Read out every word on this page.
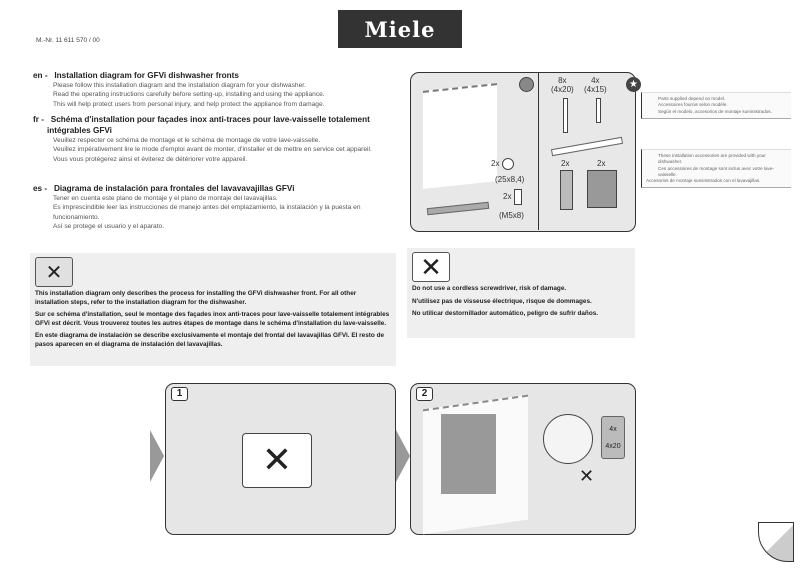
Miele
M.-Nr. 11 611 570 / 00
en - Installation diagram for GFVi dishwasher fronts
Please follow this installation diagram and the installation diagram for your dishwasher.
Read the operating instructions carefully before setting-up, installing and using the appliance.
This will help protect users from personal injury, and help protect the appliance from damage.
fr - Schéma d'installation pour façades inox anti-traces pour lave-vaisselle totalement intégrables GFVi
Veuillez respecter ce schéma de montage et le schéma de montage de votre lave-vaisselle.
Veuillez impérativement lire le mode d'emploi avant de monter, d'installer et de mettre en service cet appareil.
Vous vous protégerez ainsi et éviterez de détériorer votre appareil.
es - Diagrama de instalación para frontales del lavavavajillas GFVi
Tener en cuenta este plano de montaje y el plano de montaje del lavavajillas.
Es imprescindible leer las instrucciones de manejo antes del emplazamiento, la instalación y la puesta en funcionamiento.
Así se protege el usuario y el aparato.
2x
(25x8,4)
2x
(M5x8)
8x
(4x20)
4x
(4x15)	★
2x	2x
Parts supplied depend on model.
Accessoires fournis selon modèle.
Según el modelo, accesorios de montaje suministrados.
These installation accessories are provided with your dishwasher.
Ces accessoires de montage sont inclus avec votre lave-vaisselle.
Accesorios de montaje suministrados con el lavavajillas.
✕
This installation diagram only describes the process for installing the GFVi dishwasher front. For all other installation steps, refer to the installation diagram for the dishwasher.
Sur ce schéma d'installation, seul le montage des façades inox anti-traces pour lave-vaisselle totalement intégrables GFVi est décrit. Vous trouverez toutes les autres étapes de montage dans le schéma d'installation du lave-vaisselle.
En este diagrama de instalación se describe exclusivamente el montaje del frontal del lavavajillas GFVi. El resto de pasos aparecen en el diagrama de instalación del lavavajillas.
✕
Do not use a cordless screwdriver, risk of damage.
N'utilisez pas de visseuse électrique, risque de dommages.
No utilicar destornillador automático, peligro de sufrir daños.
1
✕
2
4x
4x20
✕
